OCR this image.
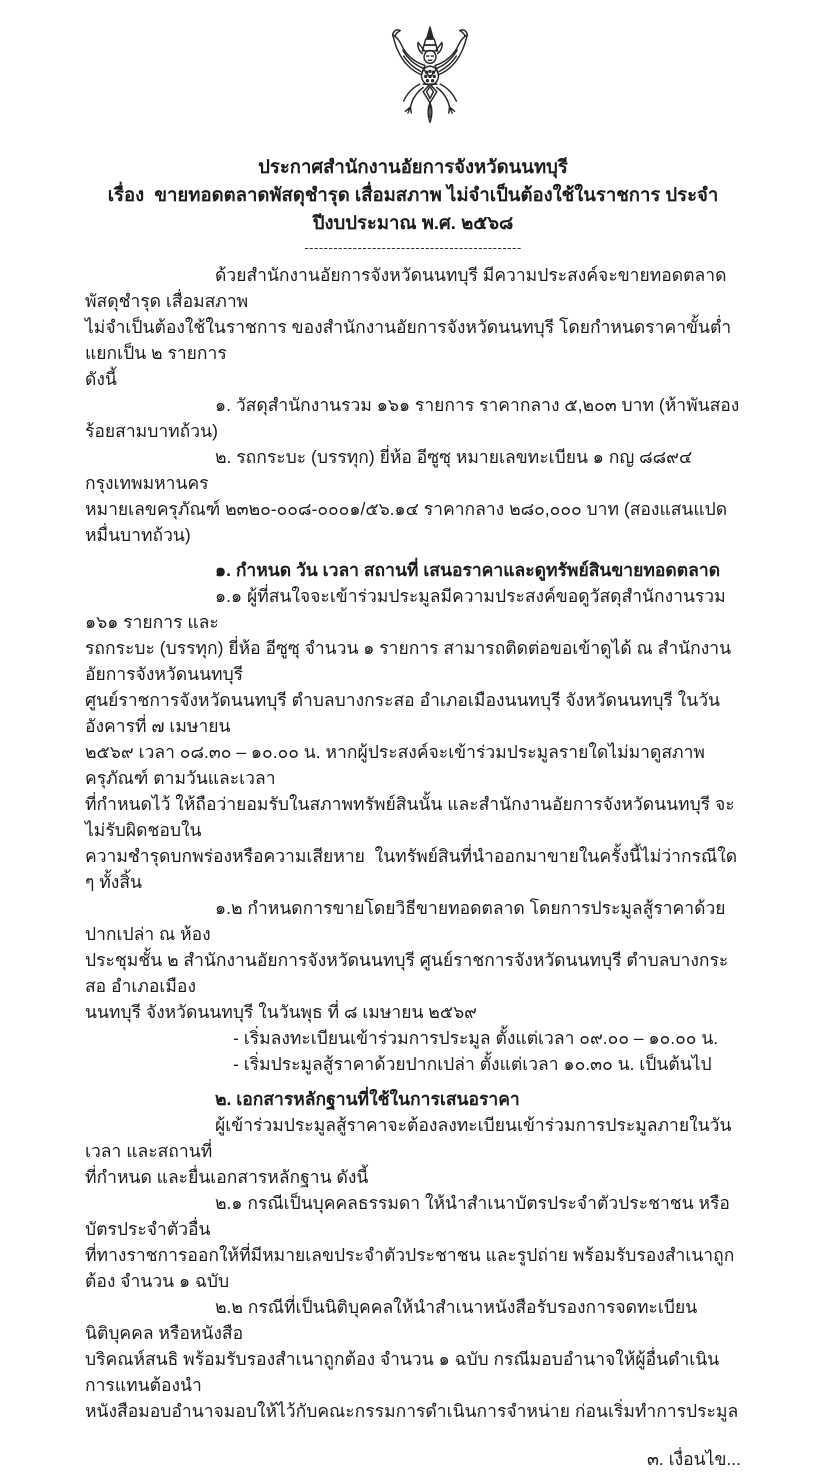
ประกาศสำนักงานอัยการจังหวัดนนทบุรี
เรื่อง  ขายทอดตลาดพัสดุชำรุด เสื่อมสภาพ ไม่จำเป็นต้องใช้ในราชการ ประจำปีงบประมาณ พ.ศ. ๒๕๖๘
---------------------------------------------
ด้วยสำนักงานอัยการจังหวัดนนทบุรี มีความประสงค์จะขายทอดตลาดพัสดุชำรุด เสื่อมสภาพ
ไม่จำเป็นต้องใช้ในราชการ ของสำนักงานอัยการจังหวัดนนทบุรี โดยกำหนดราคาขั้นต่ำแยกเป็น ๒ รายการ
ดังนี้
๑. วัสดุสำนักงานรวม ๑๖๑ รายการ ราคากลาง ๕,๒๐๓ บาท (ห้าพันสองร้อยสามบาทถ้วน)
๒. รถกระบะ (บรรทุก) ยี่ห้อ อีซูซุ หมายเลขทะเบียน ๑ กญ ๘๘๙๔ กรุงเทพมหานคร
หมายเลขครุภัณฑ์ ๒๓๒๐-๐๐๘-๐๐๐๑/๕๖.๑๔ ราคากลาง ๒๘๐,๐๐๐ บาท (สองแสนแปดหมื่นบาทถ้วน)
๑. กำหนด วัน เวลา สถานที่ เสนอราคาและดูทรัพย์สินขายทอดตลาด
๑.๑ ผู้ที่สนใจจะเข้าร่วมประมูลมีความประสงค์ขอดูวัสดุสำนักงานรวม ๑๖๑ รายการ และ
รถกระบะ (บรรทุก) ยี่ห้อ อีซูซุ จำนวน ๑ รายการ สามารถติดต่อขอเข้าดูได้ ณ สำนักงานอัยการจังหวัดนนทบุรี
ศูนย์ราชการจังหวัดนนทบุรี ตำบลบางกระสอ อำเภอเมืองนนทบุรี จังหวัดนนทบุรี ในวันอังคารที่ ๗ เมษายน
๒๕๖๙ เวลา ๐๘.๓๐ – ๑๐.๐๐ น. หากผู้ประสงค์จะเข้าร่วมประมูลรายใดไม่มาดูสภาพครุภัณฑ์ ตามวันและเวลา
ที่กำหนดไว้ ให้ถือว่ายอมรับในสภาพทรัพย์สินนั้น และสำนักงานอัยการจังหวัดนนทบุรี จะไม่รับผิดชอบใน
ความชำรุดบกพร่องหรือความเสียหาย  ในทรัพย์สินที่นำออกมาขายในครั้งนี้ไม่ว่ากรณีใด ๆ ทั้งสิ้น
๑.๒ กำหนดการขายโดยวิธีขายทอดตลาด โดยการประมูลสู้ราคาด้วยปากเปล่า ณ ห้อง
ประชุมชั้น ๒ สำนักงานอัยการจังหวัดนนทบุรี ศูนย์ราชการจังหวัดนนทบุรี ตำบลบางกระสอ อำเภอเมือง
นนทบุรี จังหวัดนนทบุรี ในวันพุธ ที่ ๘ เมษายน ๒๕๖๙
- เริ่มลงทะเบียนเข้าร่วมการประมูล ตั้งแต่เวลา ๐๙.๐๐ – ๑๐.๐๐ น.
- เริ่มประมูลสู้ราคาด้วยปากเปล่า ตั้งแต่เวลา ๑๐.๓๐ น. เป็นต้นไป
๒. เอกสารหลักฐานที่ใช้ในการเสนอราคา
ผู้เข้าร่วมประมูลสู้ราคาจะต้องลงทะเบียนเข้าร่วมการประมูลภายในวัน เวลา และสถานที่
ที่กำหนด และยื่นเอกสารหลักฐาน ดังนี้
๒.๑ กรณีเป็นบุคคลธรรมดา ให้นำสำเนาบัตรประจำตัวประชาชน หรือบัตรประจำตัวอื่น
ที่ทางราชการออกให้ที่มีหมายเลขประจำตัวประชาชน และรูปถ่าย พร้อมรับรองสำเนาถูกต้อง จำนวน ๑ ฉบับ
๒.๒ กรณีที่เป็นนิติบุคคลให้นำสำเนาหนังสือรับรองการจดทะเบียนนิติบุคคล หรือหนังสือ
บริคณห์สนธิ พร้อมรับรองสำเนาถูกต้อง จำนวน ๑ ฉบับ กรณีมอบอำนาจให้ผู้อื่นดำเนินการแทนต้องนำ
หนังสือมอบอำนาจมอบให้ไว้กับคณะกรรมการดำเนินการจำหน่าย ก่อนเริ่มทำการประมูล
๓. เงื่อนไข...
